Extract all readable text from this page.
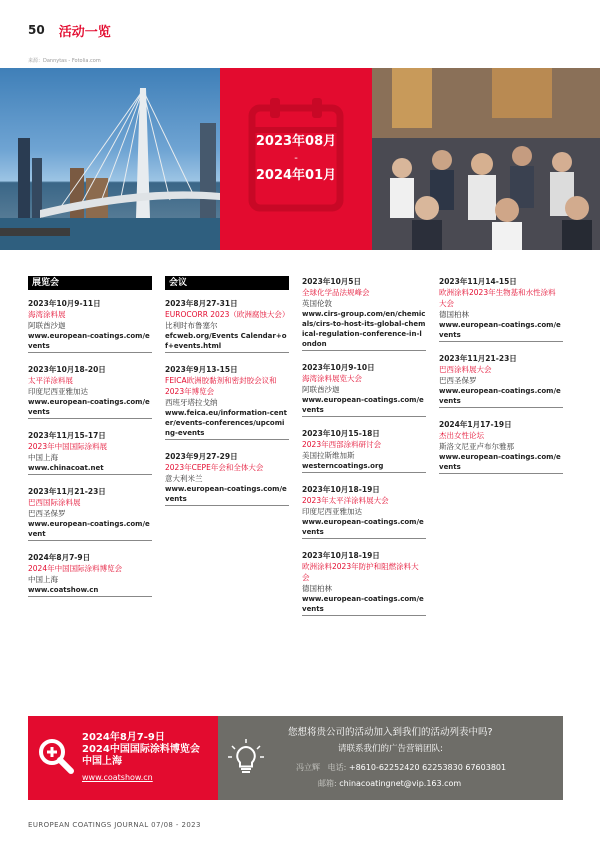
50 活动一览
来源：Dannytas - Fotolia.com
2023年08月
-
2024年01月
展览会
2023年10月9-11日
海湾涂料展
阿联酋沙迦
www.european-coatings.com/events
2023年10月18-20日
太平洋涂料展
印度尼西亚雅加达
www.european-coatings.com/events
2023年11月15-17日
2023年中国国际涂料展
中国上海
www.chinacoat.net
2023年11月21-23日
巴西国际涂料展
巴西圣保罗
www.european-coatings.com/event
2024年8月7-9日
2024年中国国际涂料博览会
中国上海
www.coatshow.cn
会议
2023年8月27-31日
EUROCORR 2023（欧洲腐蚀大会）
比利时布鲁塞尔
efcweb.org/Events Calendar+of+events.html
2023年9月13-15日
FEICA欧洲胶黏剂和密封胶会议和2023年博览会
西班牙塔拉戈纳
www.feica.eu/information-center/events-conferences/upcoming-events
2023年9月27-29日
2023年CEPE年会和全体大会
意大利米兰
www.european-coatings.com/events
2023年10月5日
全球化学品法规峰会
英国伦敦
www.cirs-group.com/en/chemicals/cirs-to-host-its-global-chemical-regulation-conference-in-london
2023年10月9-10日
海湾涂料展览大会
阿联酋沙迦
www.european-coatings.com/events
2023年10月15-18日
2023年西部涂料研讨会
美国拉斯维加斯
westerncoatings.org
2023年10月18-19日
2023年太平洋涂料展大会
印度尼西亚雅加达
www.european-coatings.com/events
2023年10月18-19日
欧洲涂料2023年防护和阻燃涂料大会
德国柏林
www.european-coatings.com/events
2023年11月14-15日
欧洲涂料2023年生物基和水性涂料大会
德国柏林
www.european-coatings.com/events
2023年11月21-23日
巴西涂料展大会
巴西圣保罗
www.european-coatings.com/events
2024年1月17-19日
杰出女性论坛
斯洛文尼亚卢布尔雅那
www.european-coatings.com/events
2024年8月7-9日
2024中国国际涂料博览会
中国上海
www.coatshow.cn
您想将贵公司的活动加入到我们的活动列表中吗?
请联系我们的广告营销团队:
冯立辉 电话: +8610-62252420 62253830 67603801
邮箱: chinacoatingnet@vip.163.com
EUROPEAN COATINGS JOURNAL 07/08 - 2023
